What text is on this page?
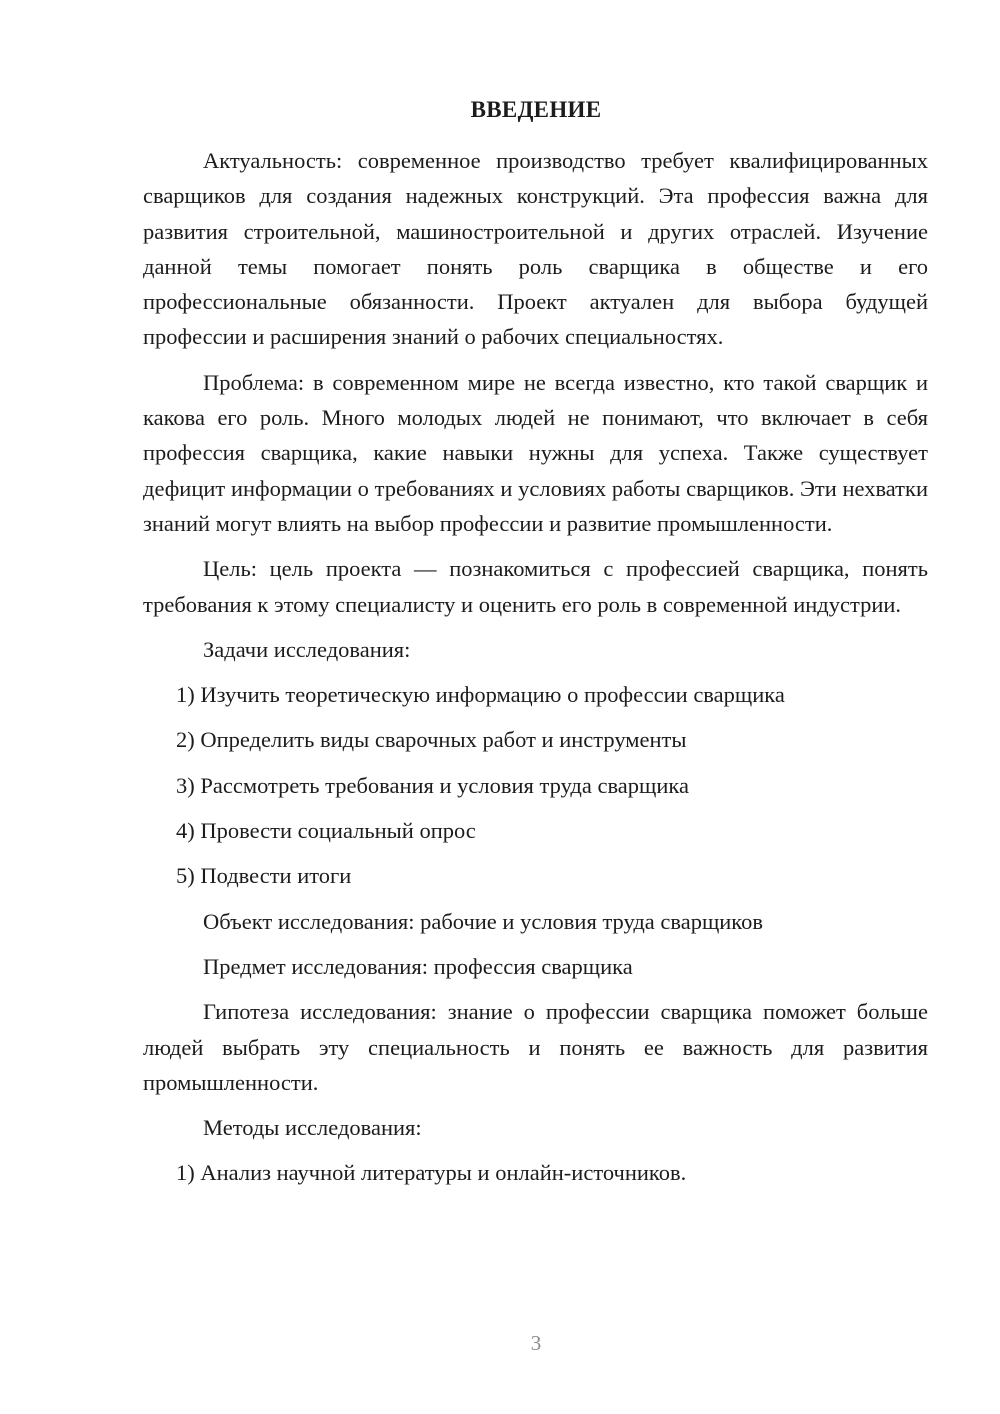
ВВЕДЕНИЕ

Актуальность: современное производство требует квалифицированных сварщиков для создания надежных конструкций. Эта профессия важна для развития строительной, машиностроительной и других отраслей. Изучение данной темы помогает понять роль сварщика в обществе и его профессиональные обязанности. Проект актуален для выбора будущей профессии и расширения знаний о рабочих специальностях.

Проблема: в современном мире не всегда известно, кто такой сварщик и какова его роль. Много молодых людей не понимают, что включает в себя профессия сварщика, какие навыки нужны для успеха. Также существует дефицит информации о требованиях и условиях работы сварщиков. Эти нехватки знаний могут влиять на выбор профессии и развитие промышленности.

Цель: цель проекта — познакомиться с профессией сварщика, понять требования к этому специалисту и оценить его роль в современной индустрии.

Задачи исследования:

1) Изучить теоретическую информацию о профессии сварщика
2) Определить виды сварочных работ и инструменты
3) Рассмотреть требования и условия труда сварщика
4) Провести социальный опрос
5) Подвести итоги

Объект исследования: рабочие и условия труда сварщиков

Предмет исследования: профессия сварщика

Гипотеза исследования: знание о профессии сварщика поможет больше людей выбрать эту специальность и понять ее важность для развития промышленности.

Методы исследования:

1) Анализ научной литературы и онлайн-источников.
3
